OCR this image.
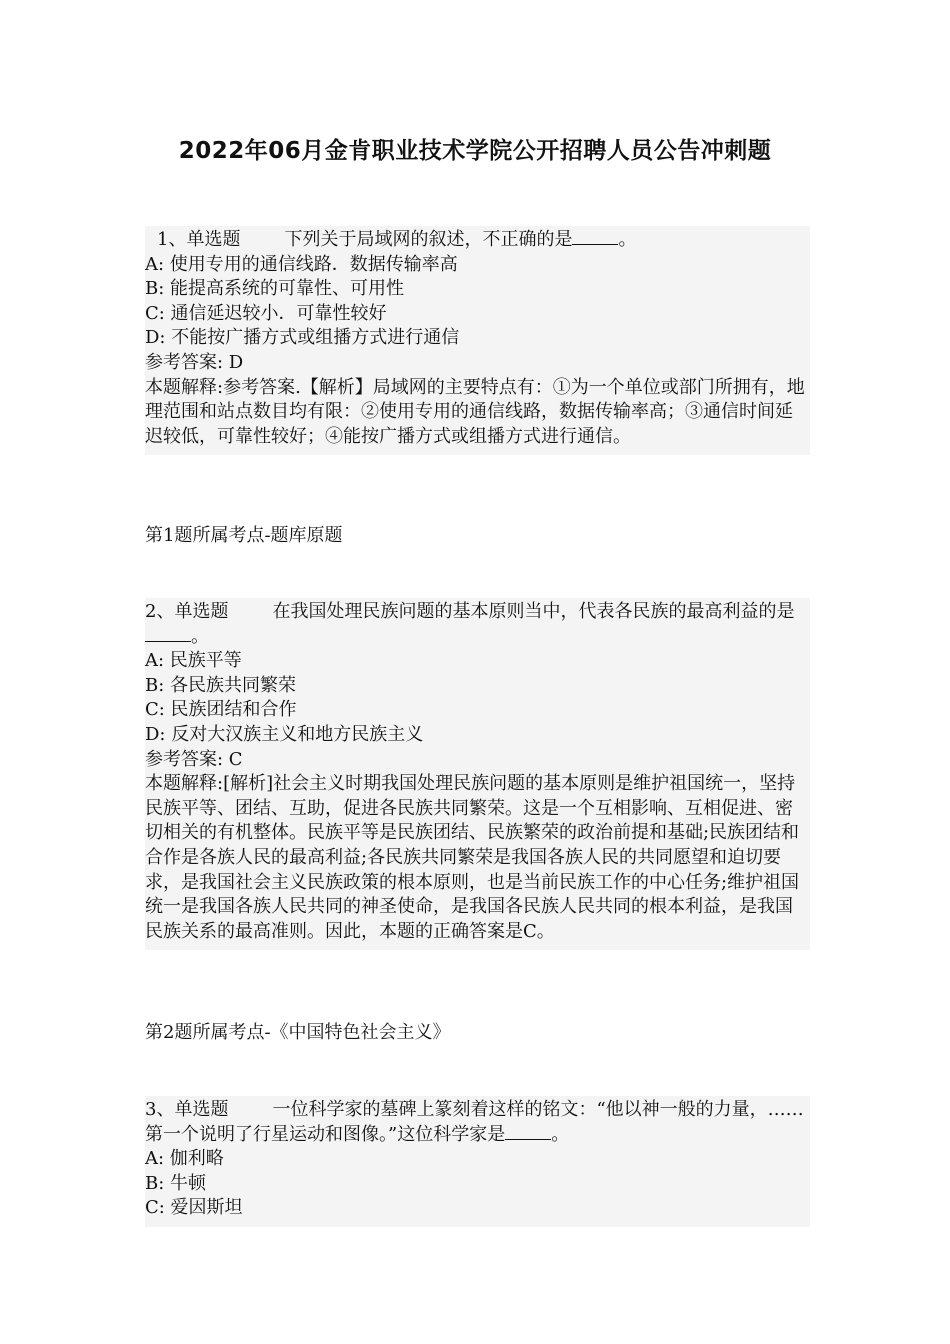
2022年06月金肯职业技术学院公开招聘人员公告冲刺题
1、单选题 下列关于局域网的叙述，不正确的是	。
A: 使用专用的通信线路．数据传输率高
B: 能提高系统的可靠性、可用性
C: 通信延迟较小．可靠性较好
D: 不能按广播方式或组播方式进行通信
参考答案: D
本题解释:参考答案.【解析】局域网的主要特点有：①为一个单位或部门所拥有，地理范围和站点数目均有限：②使用专用的通信线路，数据传输率高；③通信时间延迟较低，可靠性较好；④能按广播方式或组播方式进行通信。
第1题所属考点-题库原题
2、单选题 在我国处理民族问题的基本原则当中，代表各民族的最高利益的是。
A: 民族平等
B: 各民族共同繁荣
C: 民族团结和合作
D: 反对大汉族主义和地方民族主义
参考答案: C
本题解释:[解析]社会主义时期我国处理民族问题的基本原则是维护祖国统一，坚持民族平等、团结、互助，促进各民族共同繁荣。这是一个互相影响、互相促进、密切相关的有机整体。民族平等是民族团结、民族繁荣的政治前提和基础;民族团结和合作是各族人民的最高利益;各民族共同繁荣是我国各族人民的共同愿望和迫切要求，是我国社会主义民族政策的根本原则，也是当前民族工作的中心任务;维护祖国统一是我国各族人民共同的神圣使命，是我国各民族人民共同的根本利益，是我国民族关系的最高准则。因此，本题的正确答案是C。
第2题所属考点-《中国特色社会主义》
3、单选题 一位科学家的墓碑上篆刻着这样的铭文：“他以神一般的力量，……第一个说明了行星运动和图像。”这位科学家是	。
A: 伽利略
B: 牛顿
C: 爱因斯坦
